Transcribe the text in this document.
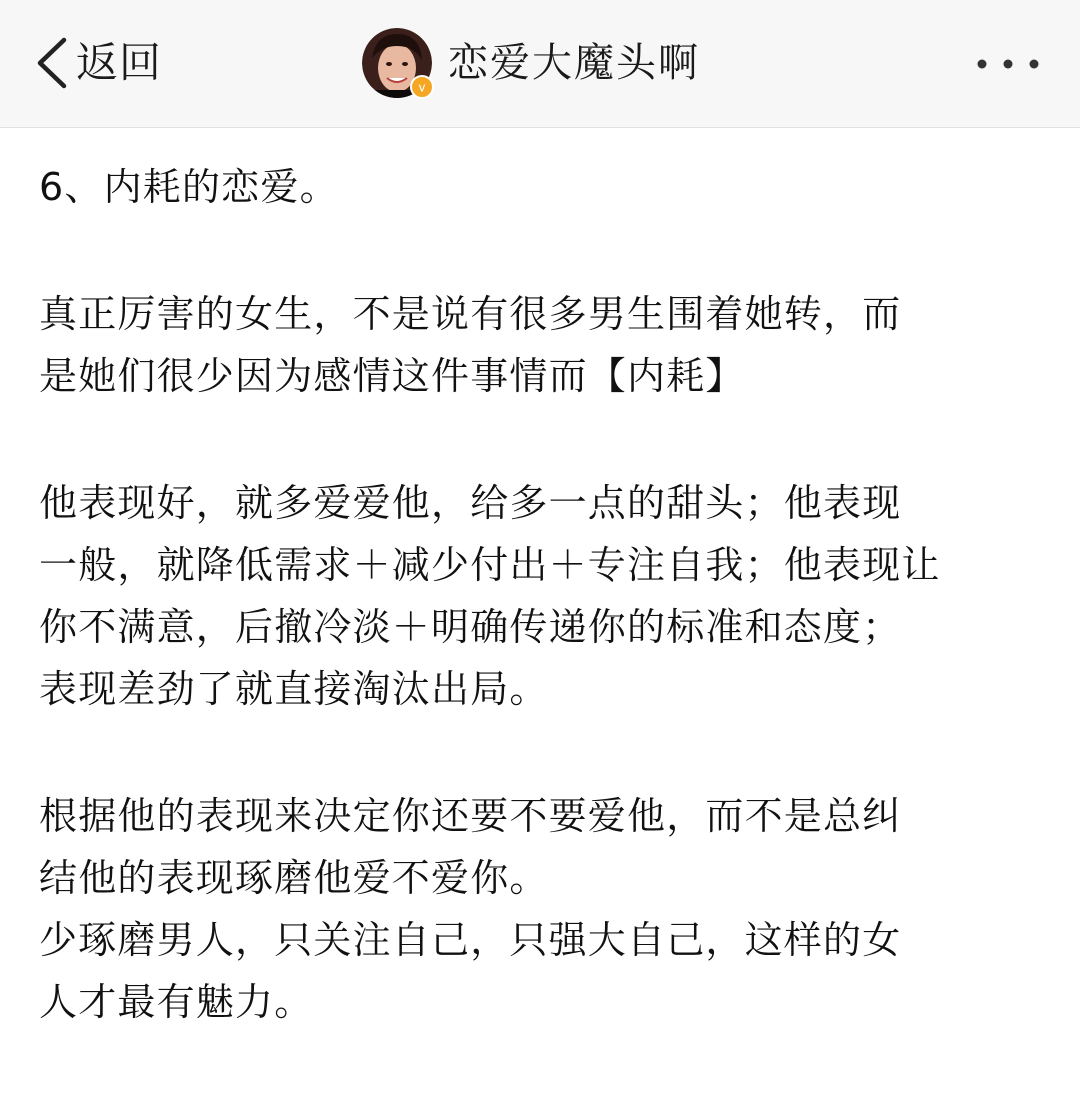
返回	v
恋爱大魔头啊

6、内耗的恋爱。

真正厉害的女生，不是说有很多男生围着她转，而
是她们很少因为感情这件事情而【内耗】

他表现好，就多爱爱他，给多一点的甜头；他表现
一般，就降低需求＋减少付出＋专注自我；他表现让
你不满意，后撤冷淡＋明确传递你的标准和态度；
表现差劲了就直接淘汰出局。

根据他的表现来决定你还要不要爱他，而不是总纠
结他的表现琢磨他爱不爱你。
少琢磨男人，只关注自己，只强大自己，这样的女
人才最有魅力。
